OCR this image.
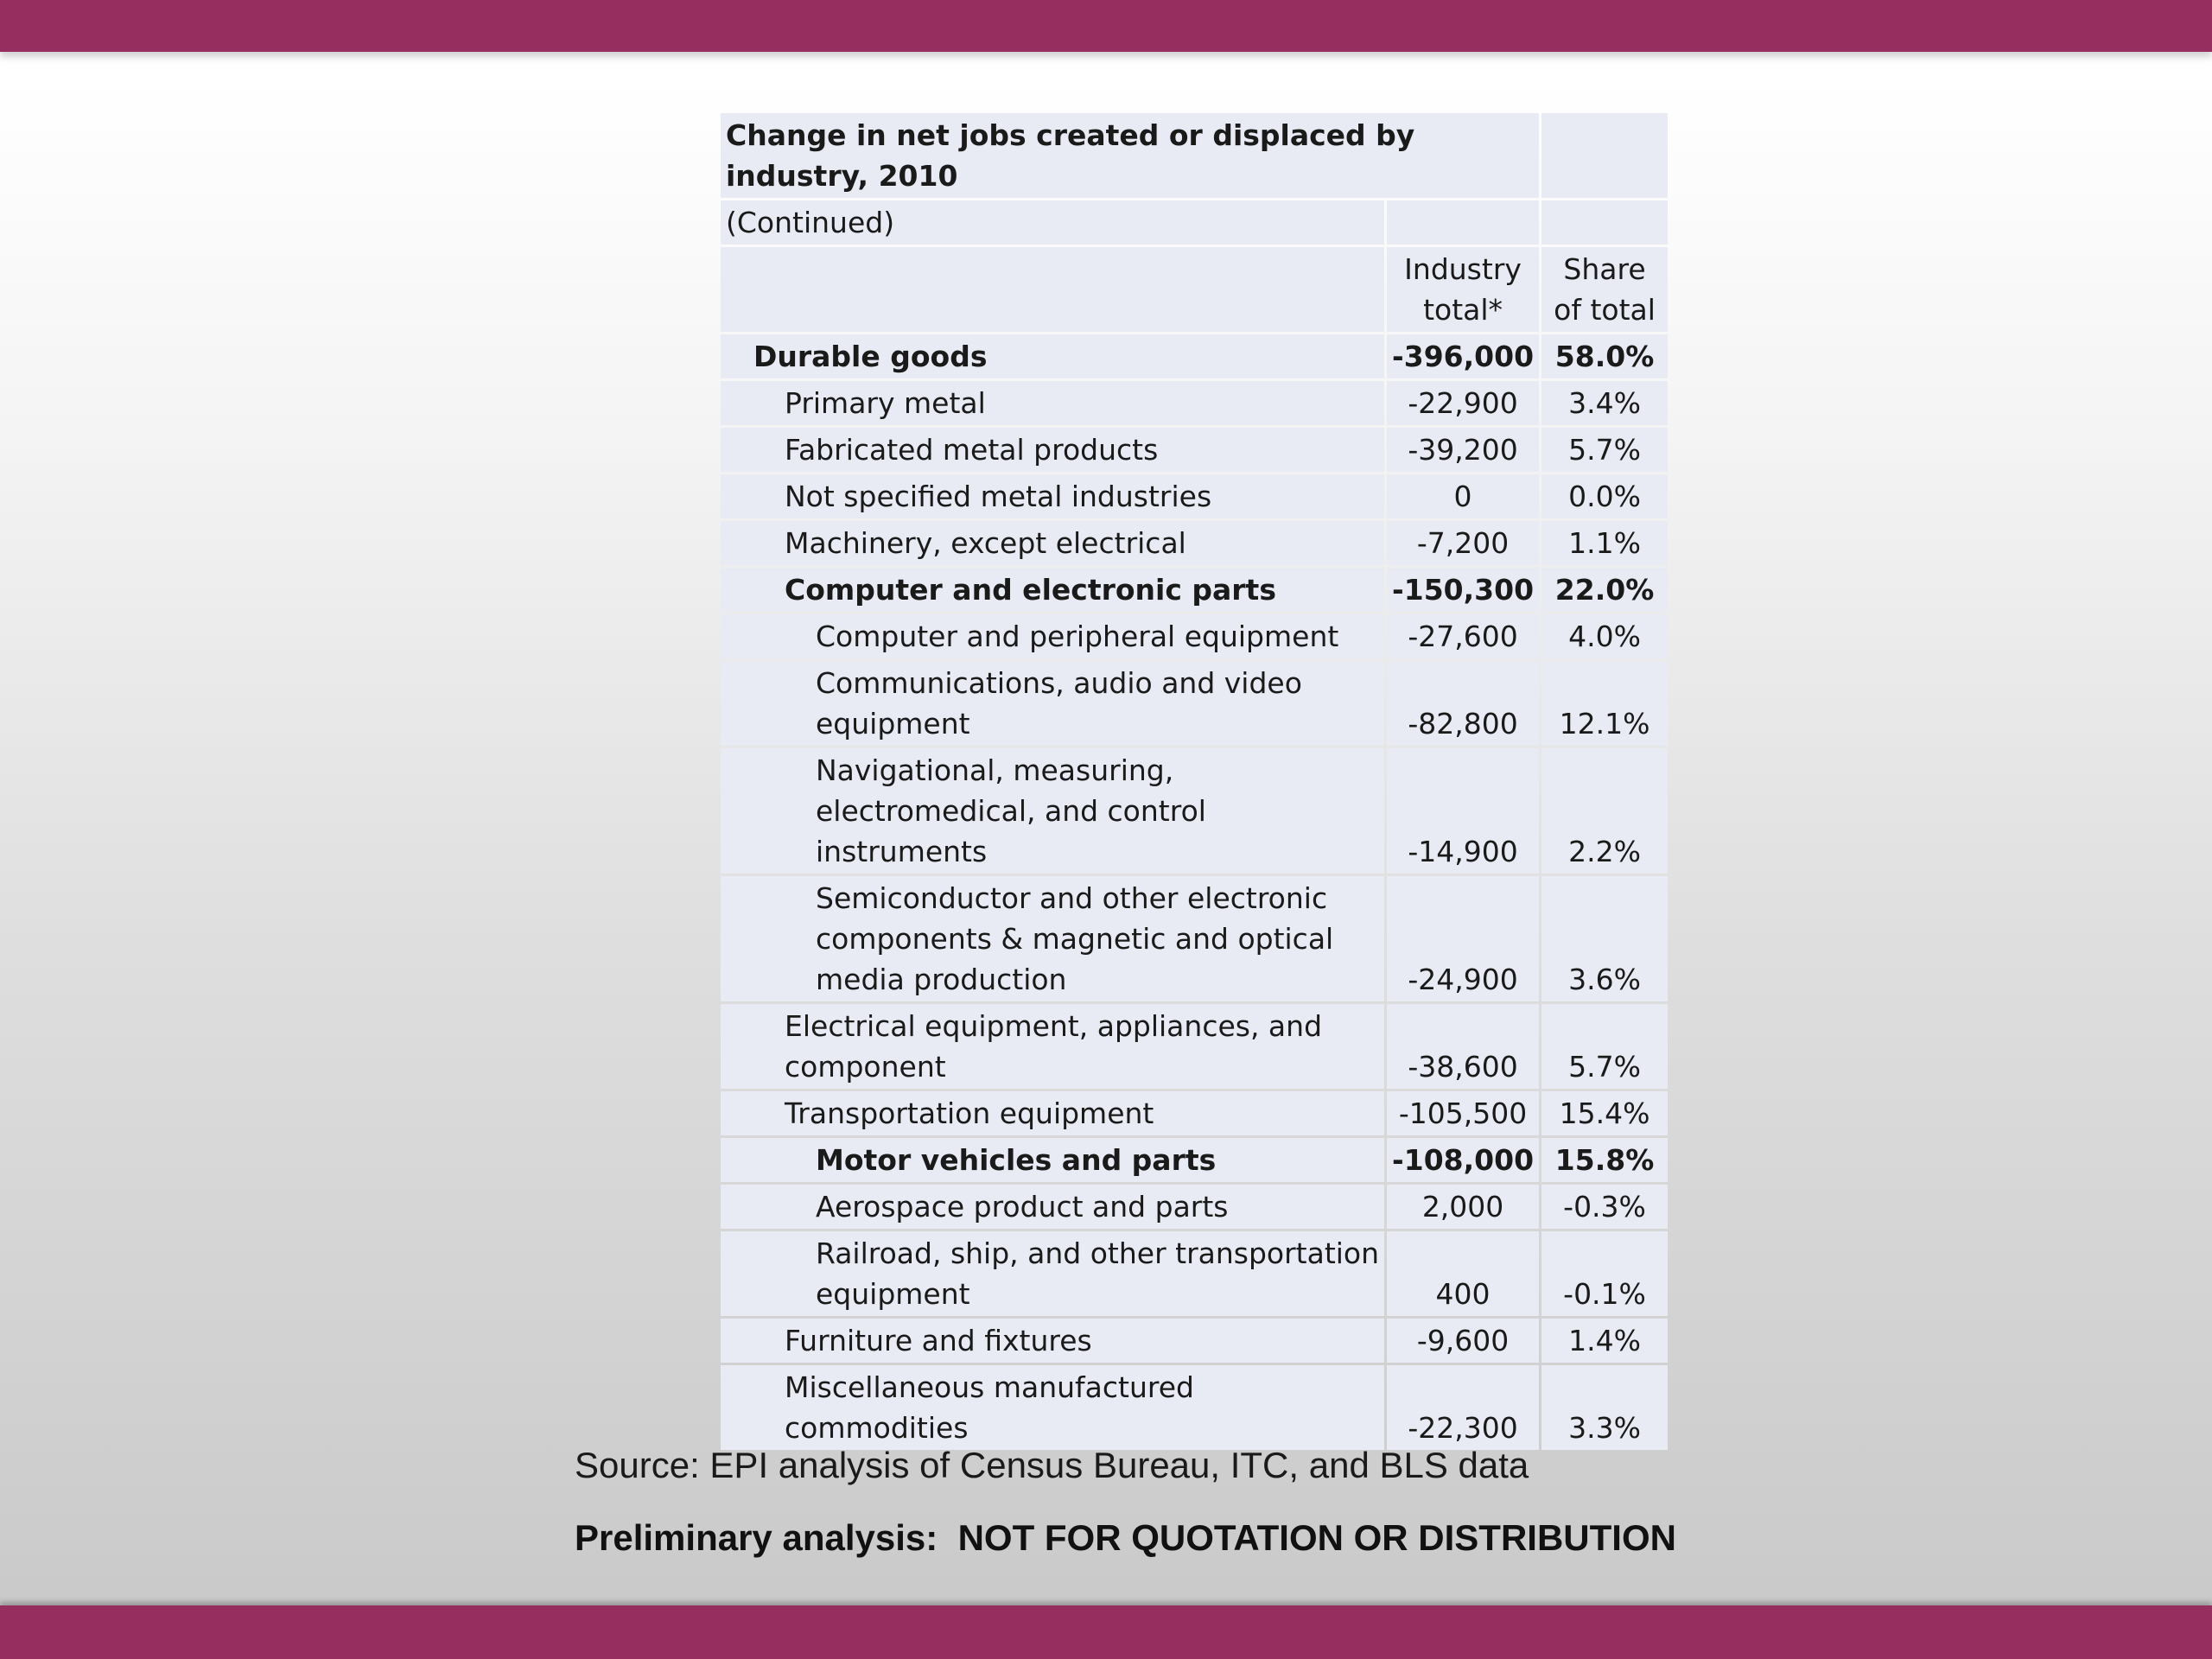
Change in net jobs created or displaced by industry, 2010		
(Continued)		
	Industry total*	Share of total
Durable goods	-396,000	58.0%
Primary metal	-22,900	3.4%
Fabricated metal products	-39,200	5.7%
Not specified metal industries	0	0.0%
Machinery, except electrical	-7,200	1.1%
Computer and electronic parts	-150,300	22.0%
Computer and peripheral equipment	-27,600	4.0%
Communications, audio and video equipment	-82,800	12.1%
Navigational, measuring, electromedical, and control instruments	-14,900	2.2%
Semiconductor and other electronic components & magnetic and optical media production	-24,900	3.6%
Electrical equipment, appliances, and component	-38,600	5.7%
Transportation equipment	-105,500	15.4%
Motor vehicles and parts	-108,000	15.8%
Aerospace product and parts	2,000	-0.3%
Railroad, ship, and other transportation equipment	400	-0.1%
Furniture and fixtures	-9,600	1.4%
Miscellaneous manufactured commodities	-22,300	3.3%
Source: EPI analysis of Census Bureau, ITC, and BLS data
Preliminary analysis:  NOT FOR QUOTATION OR DISTRIBUTION
